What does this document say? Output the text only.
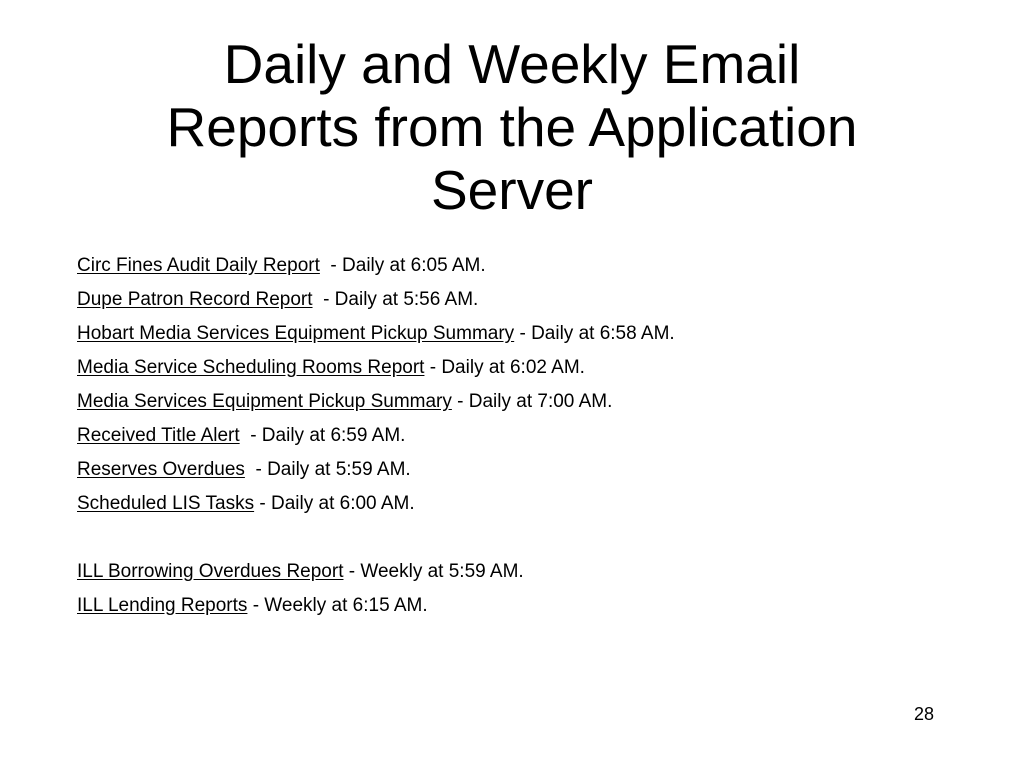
Daily and Weekly Email
Reports from the Application
Server
Circ Fines Audit Daily Report  - Daily at 6:05 AM.
Dupe Patron Record Report  - Daily at 5:56 AM.
Hobart Media Services Equipment Pickup Summary - Daily at 6:58 AM.
Media Service Scheduling Rooms Report - Daily at 6:02 AM.
Media Services Equipment Pickup Summary - Daily at 7:00 AM.
Received Title Alert  - Daily at 6:59 AM.
Reserves Overdues  - Daily at 5:59 AM.
Scheduled LIS Tasks - Daily at 6:00 AM.
ILL Borrowing Overdues Report - Weekly at 5:59 AM.
ILL Lending Reports - Weekly at 6:15 AM.
28
